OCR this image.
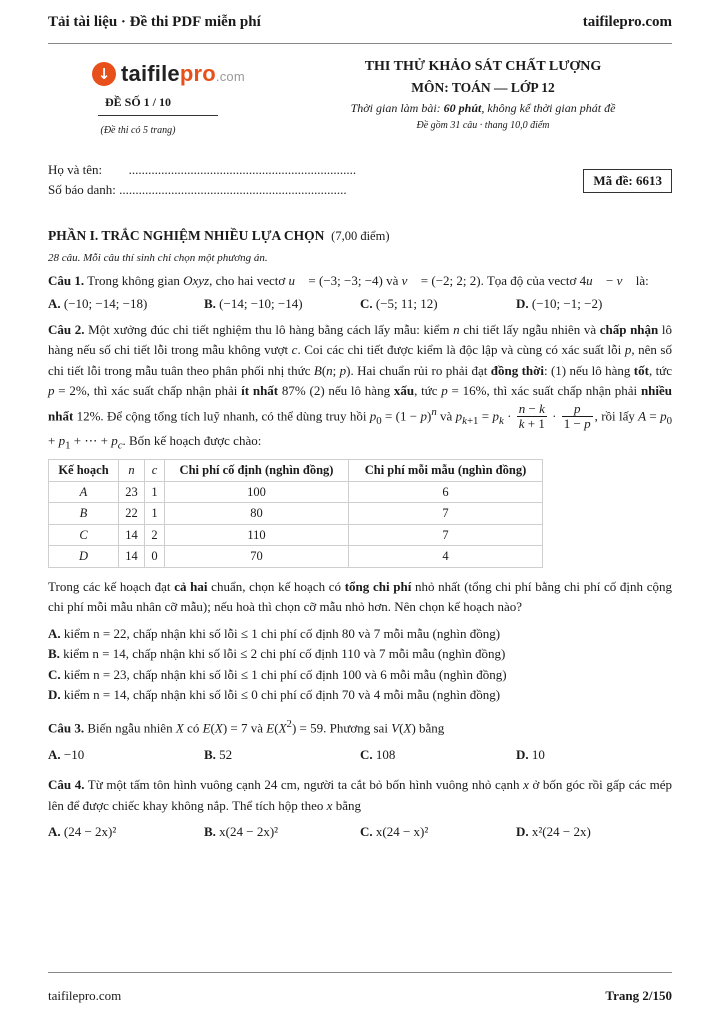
Tải tài liệu · Đề thi PDF miễn phí	taifilepro.com
↓ taifilepro.com
ĐỀ SỐ 1 / 10
(Đề thi có 5 trang)
THI THỬ KHẢO SÁT CHẤT LƯỢNG
MÔN: TOÁN — LỚP 12
Thời gian làm bài: 60 phút, không kể thời gian phát đề
Đề gồm 31 câu · thang 10,0 điểm
Họ và tên: ......................................................................
Số báo danh: ......................................................................
Mã đề: 6613
PHẦN I. TRẮC NGHIỆM NHIỀU LỰA CHỌN (7,00 điểm)
28 câu. Mỗi câu thí sinh chỉ chọn một phương án.

Câu 1. Trong không gian Oxyz, cho hai vectơ u⃗ = (−3; −3; −4) và v⃗ = (−2; 2; 2). Tọa độ của vectơ 4u⃗ − v⃗ là:

A. (−10; −14; −18)	B. (−14; −10; −14)	C. (−5; 11; 12)	D. (−10; −1; −2)

Câu 2. Một xưởng đúc chi tiết nghiệm thu lô hàng bằng cách lấy mẫu: kiểm n chi tiết lấy ngẫu nhiên và chấp nhận lô hàng nếu số chi tiết lỗi trong mẫu không vượt c. Coi các chi tiết được kiểm là độc lập và cùng có xác suất lỗi p, nên số chi tiết lỗi trong mẫu tuân theo phân phối nhị thức B(n; p). Hai chuẩn rủi ro phải đạt đồng thời: (1) nếu lô hàng tốt, tức p = 2%, thì xác suất chấp nhận phải ít nhất 87% (2) nếu lô hàng xấu, tức p = 16%, thì xác suất chấp nhận phải nhiều nhất 12%. Để cộng tổng tích luỹ nhanh, có thể dùng truy hồi $p_0 = (1 - p)^n$ và $p_{k+1} = p_k \cdot \frac{n - k}{k + 1} \cdot \frac{p}{1 - p}$ , rồi lấy $A = p_0 + p_1$ + ⋯ + $p_c$. Bốn kế hoạch được chào:

Kế hoạch	n	c	Chi phí cố định (nghìn đồng)	Chi phí mỗi mẫu (nghìn đồng)
A	23	1	100	6
B	22	1	80	7
C	14	2	110	7
D	14	0	70	4

Trong các kế hoạch đạt cả hai chuẩn, chọn kế hoạch có tổng chi phí nhỏ nhất (tổng chi phí bằng chi phí cố định cộng chi phí mỗi mẫu nhân cỡ mẫu); nếu hoà thì chọn cỡ mẫu nhỏ hơn. Nên chọn kế hoạch nào?

A. kiểm n = 22, chấp nhận khi số lỗi ≤ 1 chi phí cố định 80 và 7 mỗi mẫu (nghìn đồng)
B. kiểm n = 14, chấp nhận khi số lỗi ≤ 2 chi phí cố định 110 và 7 mỗi mẫu (nghìn đồng)
C. kiểm n = 23, chấp nhận khi số lỗi ≤ 1 chi phí cố định 100 và 6 mỗi mẫu (nghìn đồng)
D. kiểm n = 14, chấp nhận khi số lỗi ≤ 0 chi phí cố định 70 và 4 mỗi mẫu (nghìn đồng)

Câu 3. Biến ngẫu nhiên X có E(X) = 7 và $E(X^2) = 59$. Phương sai V(X) bằng

A. −10	B. 52	C. 108	D. 10

Câu 4. Từ một tấm tôn hình vuông cạnh 24 cm, người ta cắt bỏ bốn hình vuông nhỏ cạnh x ở bốn góc rồi gấp các mép lên để được chiếc khay không nắp. Thể tích hộp theo x bằng

A. (24 − 2x)²	B. x(24 − 2x)²	C. x(24 − x)²	D. x²(24 − 2x)
taifilepro.com	Trang 2/150
